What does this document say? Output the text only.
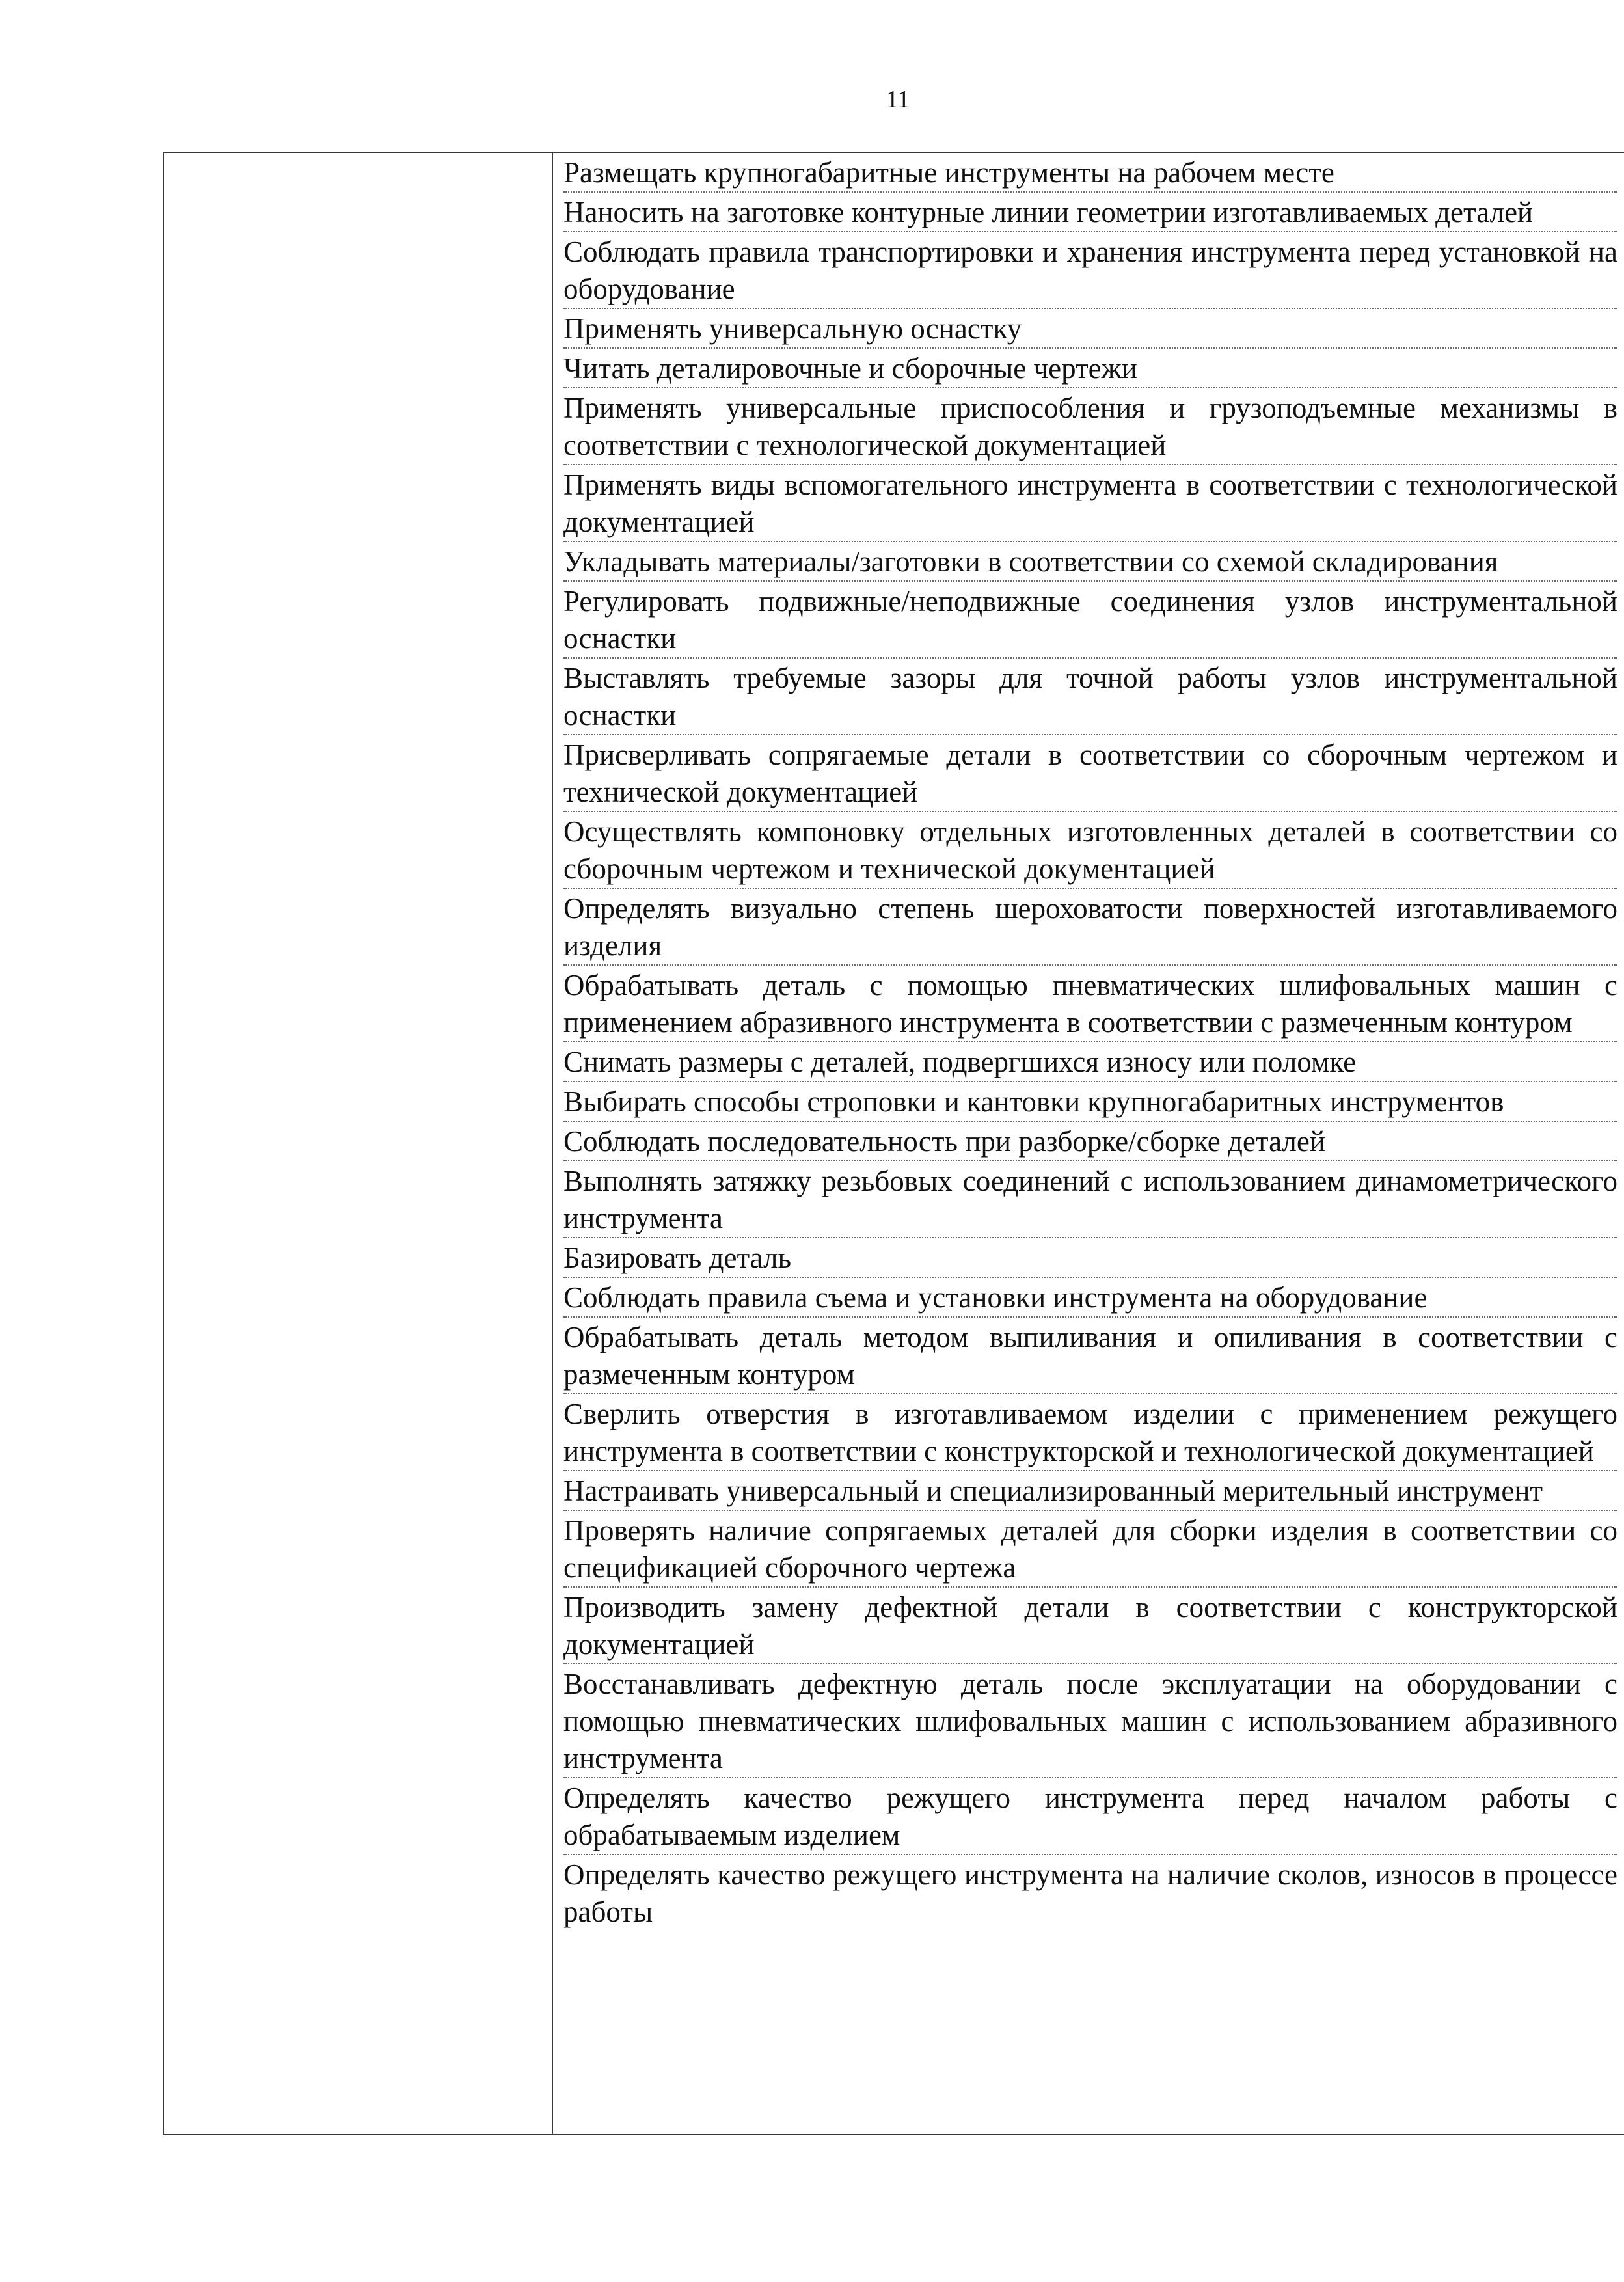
11

Размещать крупногабаритные инструменты на рабочем месте
Наносить на заготовке контурные линии геометрии изготавливаемых деталей
Соблюдать правила транспортировки и хранения инструмента перед установкой на оборудование
Применять универсальную оснастку
Читать деталировочные и сборочные чертежи
Применять универсальные приспособления и грузоподъемные механизмы в соответствии с технологической документацией
Применять виды вспомогательного инструмента в соответствии с технологической документацией
Укладывать материалы/заготовки в соответствии со схемой складирования
Регулировать подвижные/неподвижные соединения узлов инструментальной оснастки
Выставлять требуемые зазоры для точной работы узлов инструментальной оснастки
Присверливать сопрягаемые детали в соответствии со сборочным чертежом и технической документацией
Осуществлять компоновку отдельных изготовленных деталей в соответствии со сборочным чертежом и технической документацией
Определять визуально степень шероховатости поверхностей изготавливаемого изделия
Обрабатывать деталь с помощью пневматических шлифовальных машин с применением абразивного инструмента в соответствии с размеченным контуром
Снимать размеры с деталей, подвергшихся износу или поломке
Выбирать способы строповки и кантовки крупногабаритных инструментов
Соблюдать последовательность при разборке/сборке деталей
Выполнять затяжку резьбовых соединений с использованием динамометрического инструмента
Базировать деталь
Соблюдать правила съема и установки инструмента на оборудование
Обрабатывать деталь методом выпиливания и опиливания в соответствии с размеченным контуром
Сверлить отверстия в изготавливаемом изделии с применением режущего инструмента в соответствии с конструкторской и технологической документацией
Настраивать универсальный и специализированный мерительный инструмент
Проверять наличие сопрягаемых деталей для сборки изделия в соответствии со спецификацией сборочного чертежа
Производить замену дефектной детали в соответствии с конструкторской документацией
Восстанавливать дефектную деталь после эксплуатации на оборудовании с помощью пневматических шлифовальных машин с использованием абразивного инструмента
Определять качество режущего инструмента перед началом работы с обрабатываемым изделием
Определять качество режущего инструмента на наличие сколов, износов в процессе работы
